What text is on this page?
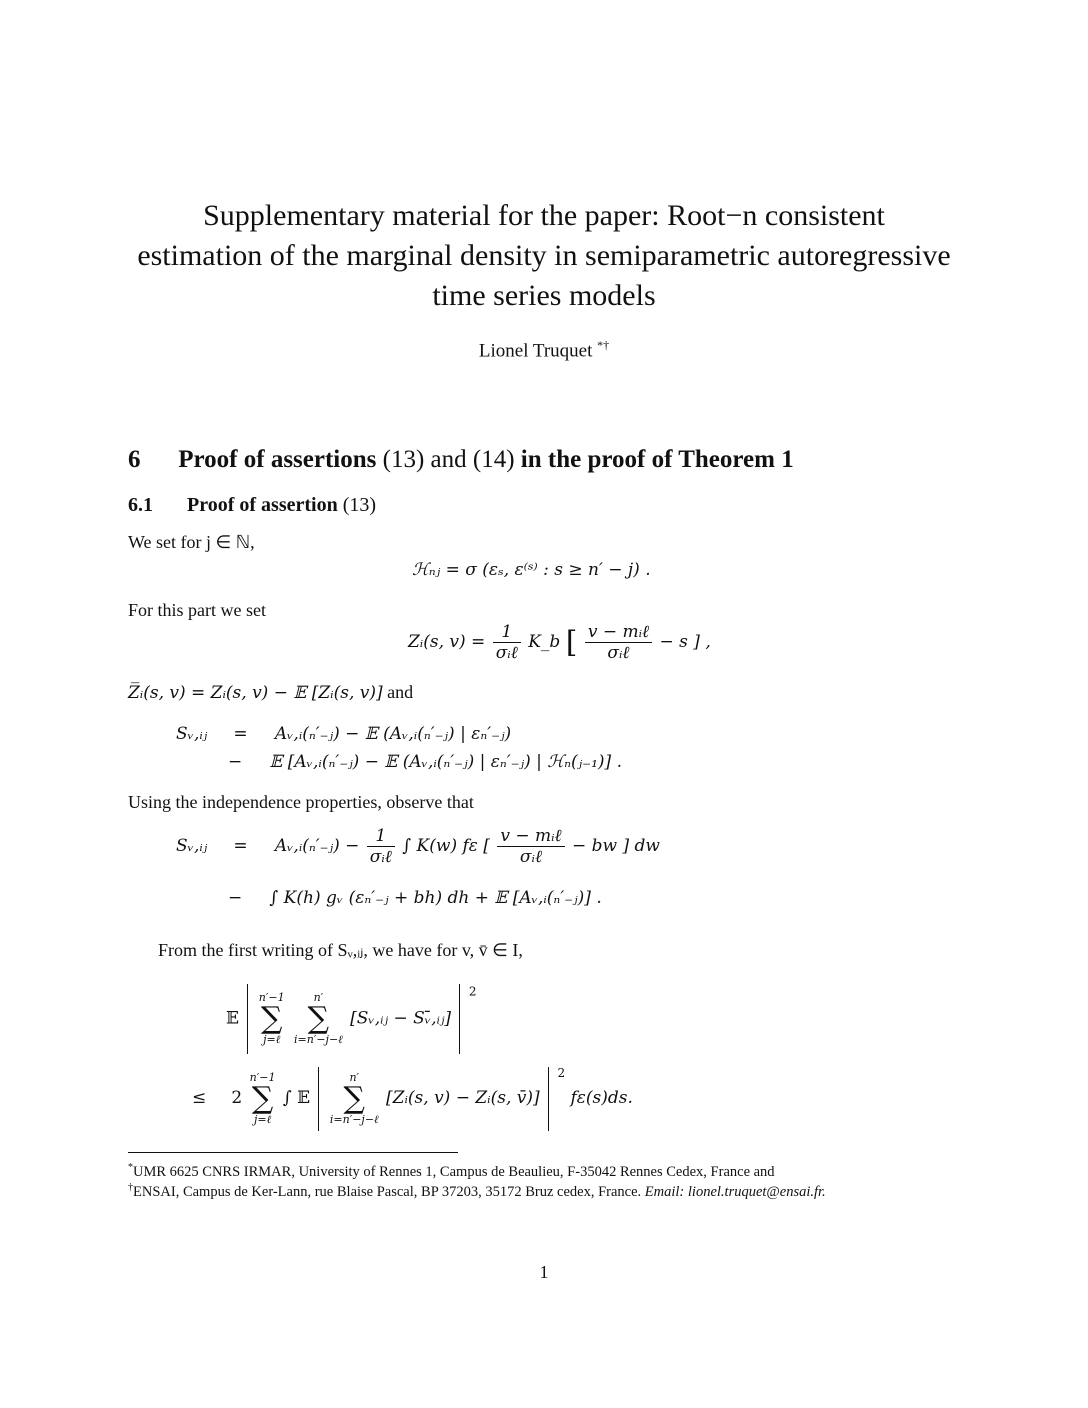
Supplementary material for the paper: Root−n consistent
estimation of the marginal density in semiparametric autoregressive
time series models
Lionel Truquet *†
6 Proof of assertions (13) and (14) in the proof of Theorem 1
6.1 Proof of assertion (13)
We set for j ∈ ℕ,
ℋₙⱼ = σ (εₛ, ε⁽ˢ⁾ : s ≥ n′ − j) .
For this part we set
Zᵢ(s, $v) = \frac{1}{\text{σᵢℓ}}$ K_b [ $\frac{\text{v − mᵢℓ}}{\text{σᵢℓ}} - s$ ] ,
Z̅ᵢ(s, v) = Zᵢ(s, v) − 𝔼 [Zᵢ(s, v)] and
Sᵥ,ᵢⱼ = Aᵥ,ᵢ(ₙ′₋ⱼ) − 𝔼 (Aᵥ,ᵢ(ₙ′₋ⱼ) | εₙ′₋ⱼ)
− 𝔼 [Aᵥ,ᵢ(ₙ′₋ⱼ) − 𝔼 (Aᵥ,ᵢ(ₙ′₋ⱼ) | εₙ′₋ⱼ) | ℋₙ(ⱼ₋₁)] .
Using the independence properties, observe that
Sᵥ,ᵢⱼ = Aᵥ,ᵢ(ₙ′₋ⱼ) − $\frac{1}{\text{σᵢℓ}}$ ∫ K(w) fε [ $\frac{\text{v − mᵢℓ}}{\text{σᵢℓ}}$ − bw ] dw
− ∫ K(h) gᵥ (εₙ′₋ⱼ + bh) dh + 𝔼 [Aᵥ,ᵢ(ₙ′₋ⱼ)] .
From the first writing of Sᵥ,ᵢⱼ, we have for v, v̄ ∈ I,
𝔼
n′−1
∑
j=ℓ

n′
∑
i=n′−j−ℓ
[Sᵥ,ᵢⱼ − Sᵥ̄,ᵢⱼ]  $^2$
≤ 2
n′−1
∑
j=ℓ
∫ 𝔼
n′
∑
i=n′−j−ℓ
[Zᵢ(s, v) − Zᵢ(s, v̄)]  $^2$ fε(s)ds.
*UMR 6625 CNRS IRMAR, University of Rennes 1, Campus de Beaulieu, F-35042 Rennes Cedex, France and
†ENSAI, Campus de Ker-Lann, rue Blaise Pascal, BP 37203, 35172 Bruz cedex, France. Email: lionel.truquet@ensai.fr.
1
